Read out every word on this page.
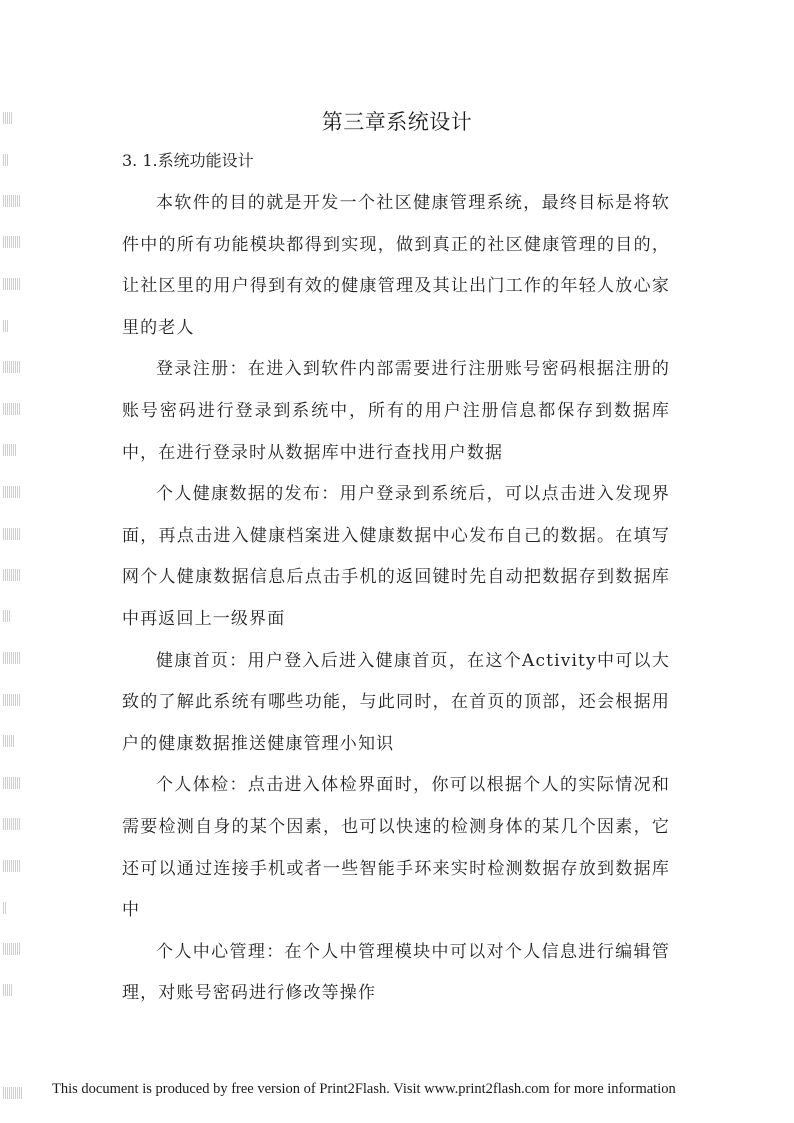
第三章系统设计
3. 1.系统功能设计

本软件的目的就是开发一个社区健康管理系统，最终目标是将软件中的所有功能模块都得到实现，做到真正的社区健康管理的目的，让社区里的用户得到有效的健康管理及其让出门工作的年轻人放心家里的老人

登录注册：在进入到软件内部需要进行注册账号密码根据注册的账号密码进行登录到系统中，所有的用户注册信息都保存到数据库中，在进行登录时从数据库中进行查找用户数据

个人健康数据的发布：用户登录到系统后，可以点击进入发现界面，再点击进入健康档案进入健康数据中心发布自己的数据。在填写网个人健康数据信息后点击手机的返回键时先自动把数据存到数据库中再返回上一级界面

健康首页：用户登入后进入健康首页，在这个Activity中可以大致的了解此系统有哪些功能，与此同时，在首页的顶部，还会根据用户的健康数据推送健康管理小知识

个人体检：点击进入体检界面时，你可以根据个人的实际情况和需要检测自身的某个因素，也可以快速的检测身体的某几个因素，它还可以通过连接手机或者一些智能手环来实时检测数据存放到数据库中

个人中心管理：在个人中管理模块中可以对个人信息进行编辑管理，对账号密码进行修改等操作

This document is produced by free version of Print2Flash. Visit www.print2flash.com for more information
